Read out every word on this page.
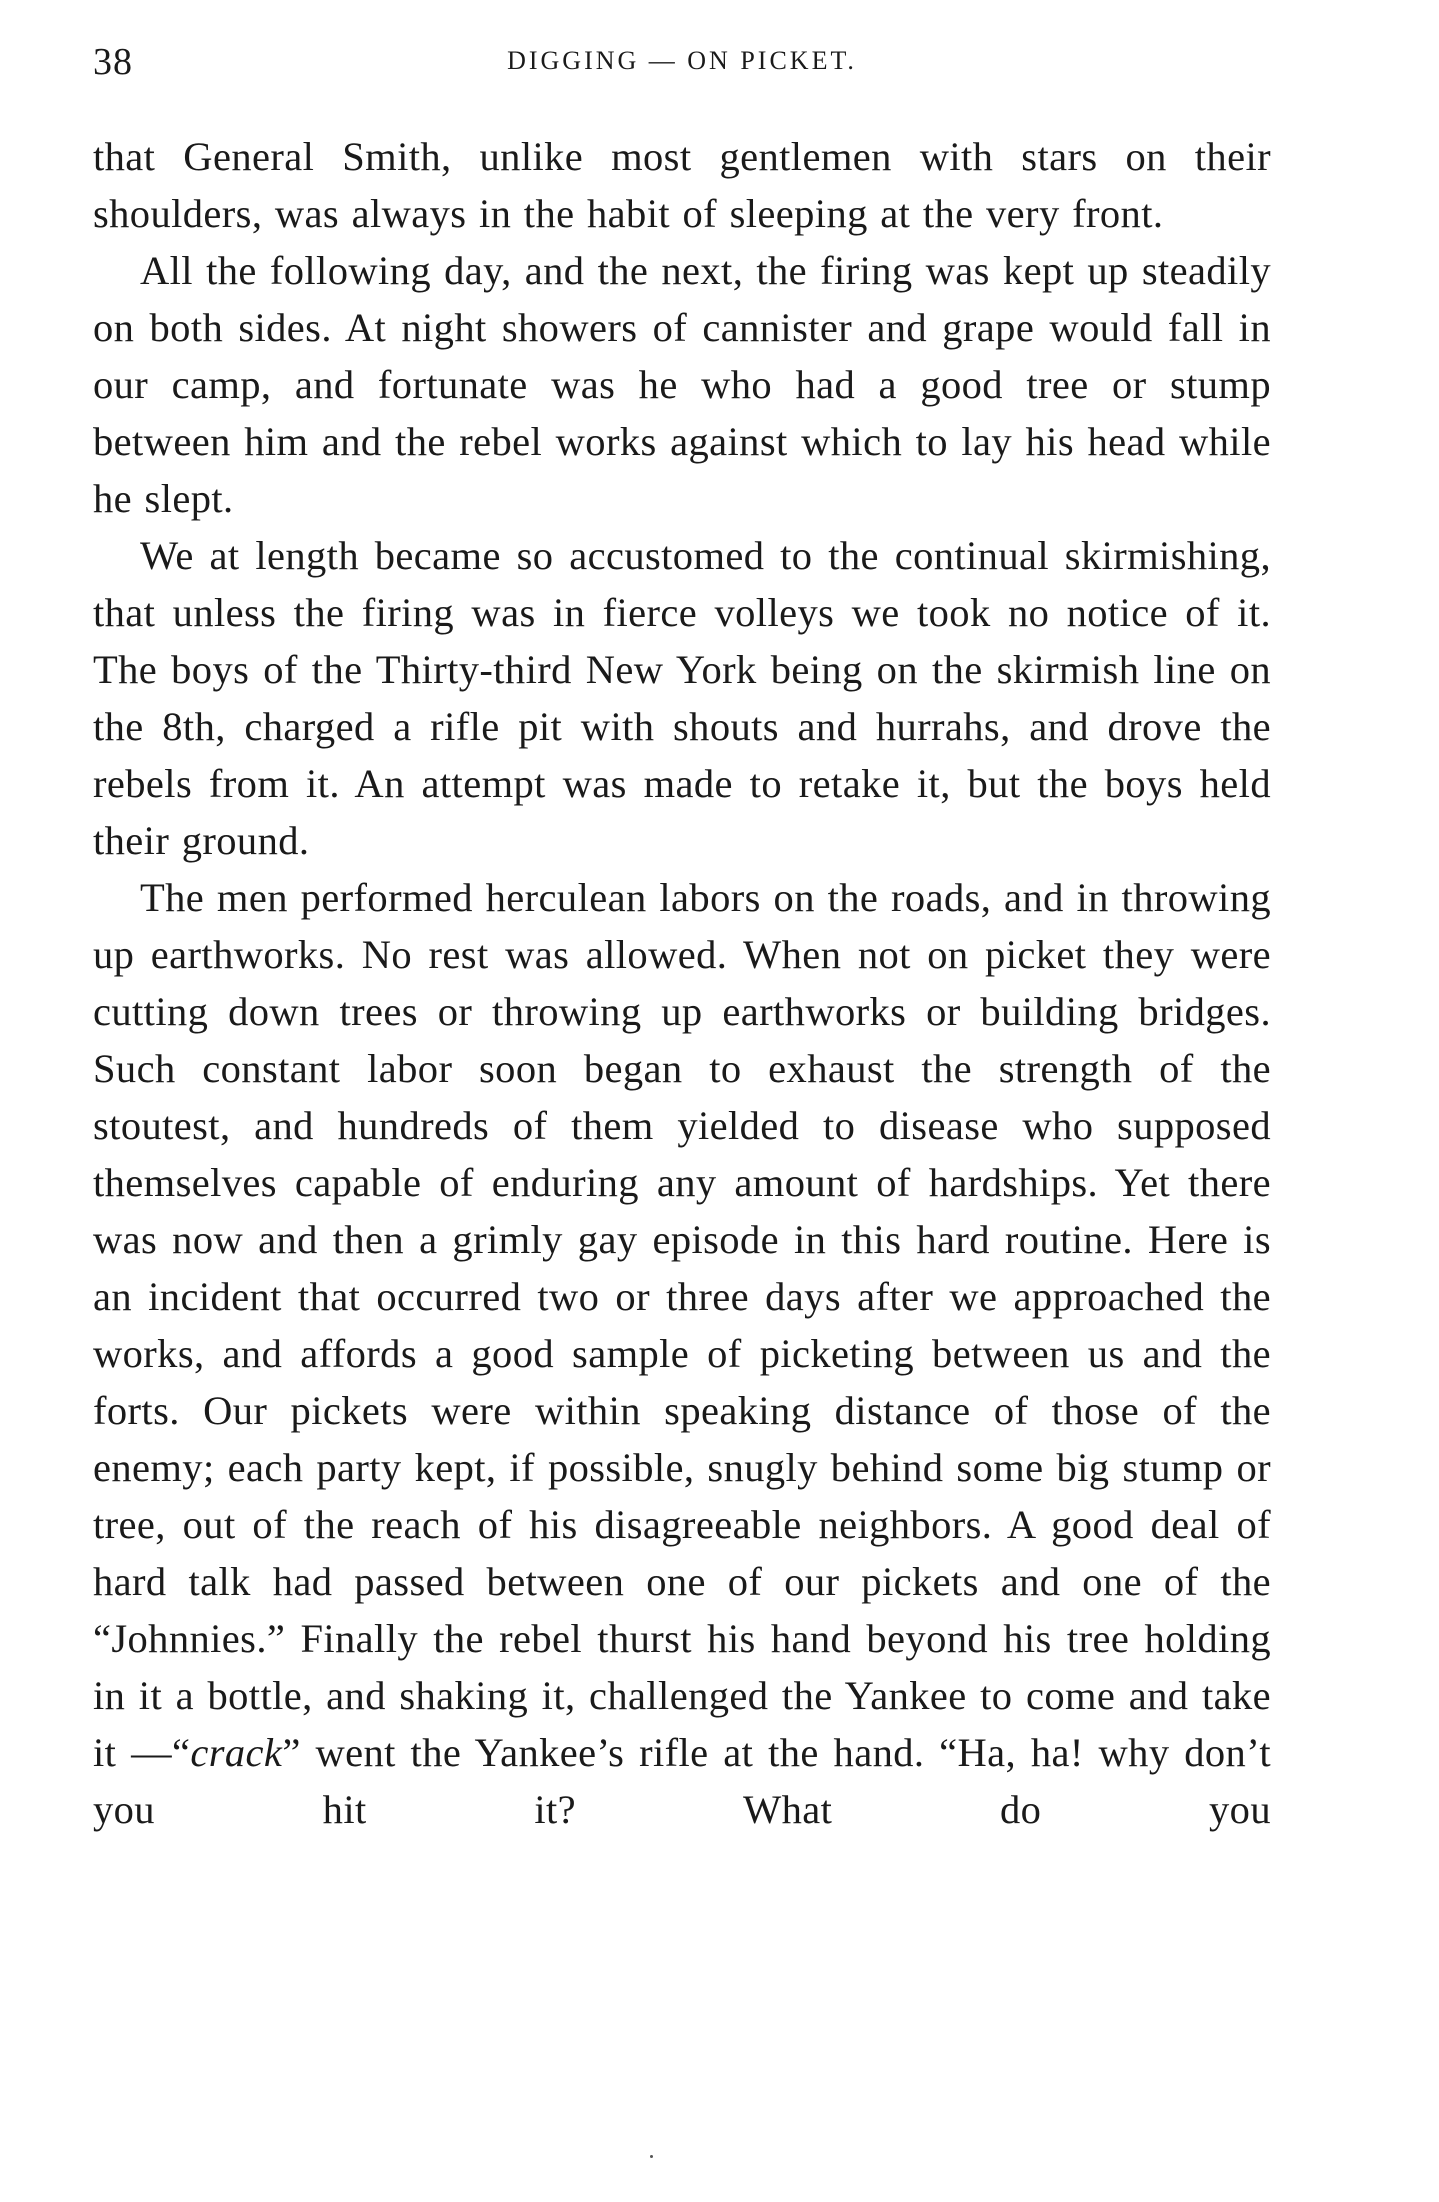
38	DIGGING — ON PICKET.

that General Smith, unlike most gentlemen with stars on their shoulders, was always in the habit of sleeping at the very front.

All the following day, and the next, the firing was kept up steadily on both sides. At night showers of cannister and grape would fall in our camp, and fortunate was he who had a good tree or stump between him and the rebel works against which to lay his head while he slept.

We at length became so accustomed to the continual skirmishing, that unless the firing was in fierce volleys we took no notice of it. The boys of the Thirty-third New York being on the skirmish line on the 8th, charged a rifle pit with shouts and hurrahs, and drove the rebels from it. An attempt was made to retake it, but the boys held their ground.

The men performed herculean labors on the roads, and in throwing up earthworks. No rest was allowed. When not on picket they were cutting down trees or throwing up earthworks or building bridges. Such constant labor soon began to exhaust the strength of the stoutest, and hundreds of them yielded to disease who supposed themselves capable of enduring any amount of hardships. Yet there was now and then a grimly gay episode in this hard routine. Here is an incident that occurred two or three days after we approached the works, and affords a good sample of picketing between us and the forts. Our pickets were within speaking distance of those of the enemy; each party kept, if possible, snugly behind some big stump or tree, out of the reach of his disagreeable neighbors. A good deal of hard talk had passed between one of our pickets and one of the “Johnnies.” Finally the rebel thurst his hand beyond his tree holding in it a bottle, and shaking it, challenged the Yankee to come and take it —“crack” went the Yankee’s rifle at the hand. “Ha, ha! why don’t you hit it? What do you
